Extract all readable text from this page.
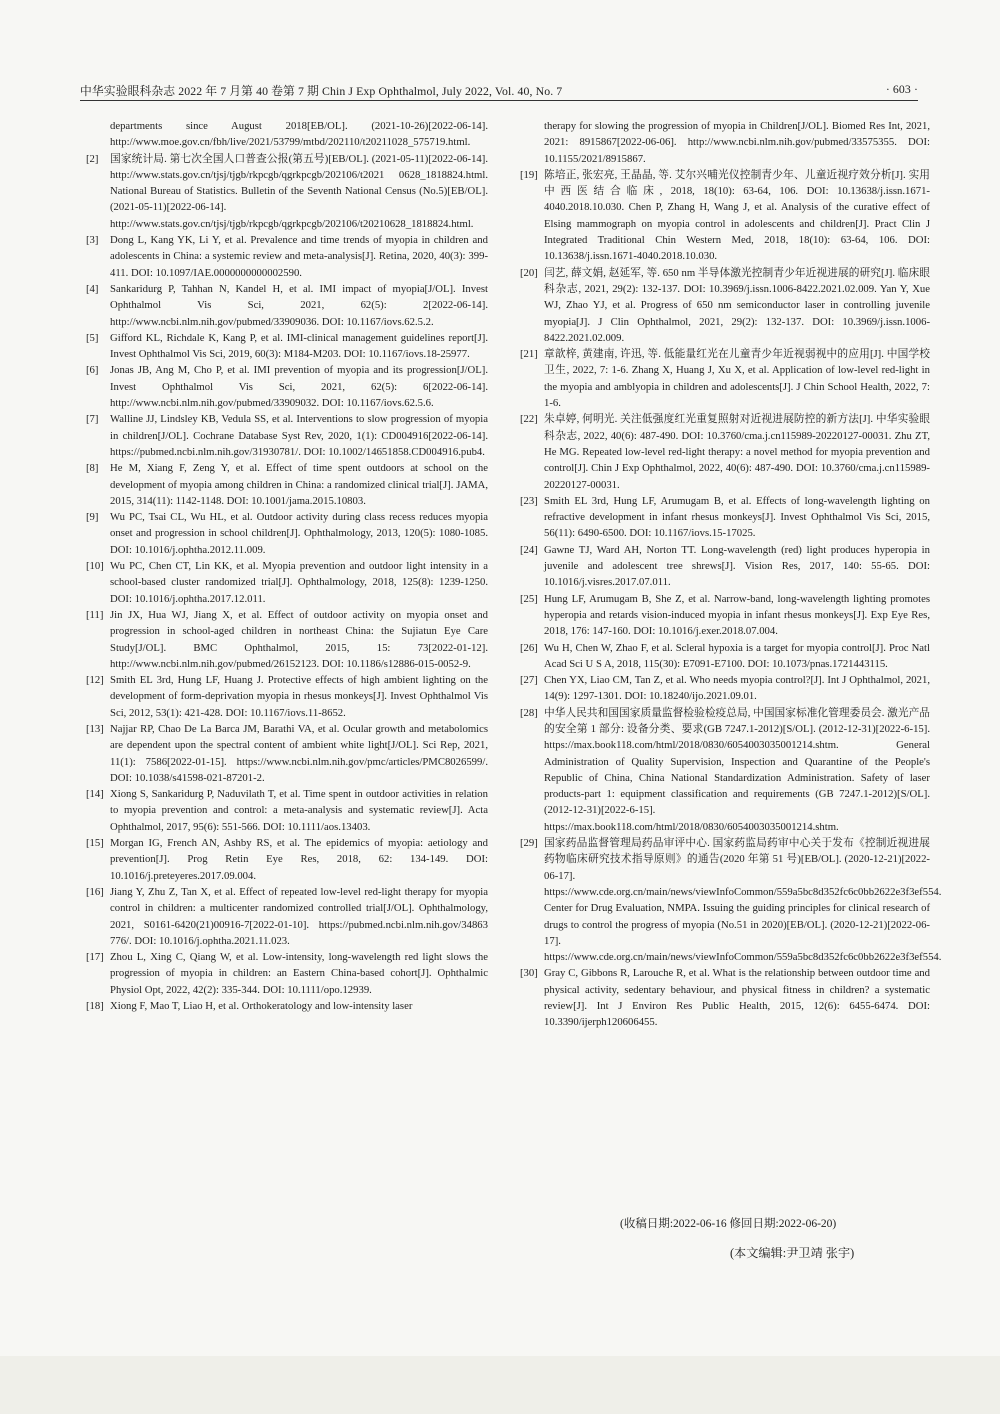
中华实验眼科杂志 2022 年 7 月第 40 卷第 7 期 Chin J Exp Ophthalmol, July 2022, Vol. 40, No. 7	· 603 ·
departments since August 2018[EB/OL]. (2021-10-26)[2022-06-14]. http://www.moe.gov.cn/fbh/live/2021/53799/mtbd/202110/t20211028_575719.html.
[2] 国家统计局. 第七次全国人口普查公报(第五号)[EB/OL]. (2021-05-11)[2022-06-14]. http://www.stats.gov.cn/tjsj/tjgb/rkpcgb/qgrkpcgb/202106/t2021 0628_1818824.html. National Bureau of Statistics. Bulletin of the Seventh National Census (No.5)[EB/OL]. (2021-05-11)[2022-06-14]. http://www.stats.gov.cn/tjsj/tjgb/rkpcgb/qgrkpcgb/202106/t20210628_1818824.html.
[3] Dong L, Kang YK, Li Y, et al. Prevalence and time trends of myopia in children and adolescents in China: a systemic review and meta-analysis[J]. Retina, 2020, 40(3): 399-411. DOI: 10.1097/IAE.0000000000002590.
[4] Sankaridurg P, Tahhan N, Kandel H, et al. IMI impact of myopia[J/OL]. Invest Ophthalmol Vis Sci, 2021, 62(5): 2[2022-06-14]. http://www.ncbi.nlm.nih.gov/pubmed/33909036. DOI: 10.1167/iovs.62.5.2.
[5] Gifford KL, Richdale K, Kang P, et al. IMI-clinical management guidelines report[J]. Invest Ophthalmol Vis Sci, 2019, 60(3): M184-M203. DOI: 10.1167/iovs.18-25977.
[6] Jonas JB, Ang M, Cho P, et al. IMI prevention of myopia and its progression[J/OL]. Invest Ophthalmol Vis Sci, 2021, 62(5): 6[2022-06-14]. http://www.ncbi.nlm.nih.gov/pubmed/33909032. DOI: 10.1167/iovs.62.5.6.
[7] Walline JJ, Lindsley KB, Vedula SS, et al. Interventions to slow progression of myopia in children[J/OL]. Cochrane Database Syst Rev, 2020, 1(1): CD004916[2022-06-14]. https://pubmed.ncbi.nlm.nih.gov/31930781/. DOI: 10.1002/14651858.CD004916.pub4.
[8] He M, Xiang F, Zeng Y, et al. Effect of time spent outdoors at school on the development of myopia among children in China: a randomized clinical trial[J]. JAMA, 2015, 314(11): 1142-1148. DOI: 10.1001/jama.2015.10803.
[9] Wu PC, Tsai CL, Wu HL, et al. Outdoor activity during class recess reduces myopia onset and progression in school children[J]. Ophthalmology, 2013, 120(5): 1080-1085. DOI: 10.1016/j.ophtha.2012.11.009.
[10] Wu PC, Chen CT, Lin KK, et al. Myopia prevention and outdoor light intensity in a school-based cluster randomized trial[J]. Ophthalmology, 2018, 125(8): 1239-1250. DOI: 10.1016/j.ophtha.2017.12.011.
[11] Jin JX, Hua WJ, Jiang X, et al. Effect of outdoor activity on myopia onset and progression in school-aged children in northeast China: the Sujiatun Eye Care Study[J/OL]. BMC Ophthalmol, 2015, 15: 73[2022-01-12]. http://www.ncbi.nlm.nih.gov/pubmed/26152123. DOI: 10.1186/s12886-015-0052-9.
[12] Smith EL 3rd, Hung LF, Huang J. Protective effects of high ambient lighting on the development of form-deprivation myopia in rhesus monkeys[J]. Invest Ophthalmol Vis Sci, 2012, 53(1): 421-428. DOI: 10.1167/iovs.11-8652.
[13] Najjar RP, Chao De La Barca JM, Barathi VA, et al. Ocular growth and metabolomics are dependent upon the spectral content of ambient white light[J/OL]. Sci Rep, 2021, 11(1): 7586[2022-01-15]. https://www.ncbi.nlm.nih.gov/pmc/articles/PMC8026599/. DOI: 10.1038/s41598-021-87201-2.
[14] Xiong S, Sankaridurg P, Naduvilath T, et al. Time spent in outdoor activities in relation to myopia prevention and control: a meta-analysis and systematic review[J]. Acta Ophthalmol, 2017, 95(6): 551-566. DOI: 10.1111/aos.13403.
[15] Morgan IG, French AN, Ashby RS, et al. The epidemics of myopia: aetiology and prevention[J]. Prog Retin Eye Res, 2018, 62: 134-149. DOI: 10.1016/j.preteyeres.2017.09.004.
[16] Jiang Y, Zhu Z, Tan X, et al. Effect of repeated low-level red-light therapy for myopia control in children: a multicenter randomized controlled trial[J/OL]. Ophthalmology, 2021, S0161-6420(21)00916-7[2022-01-10]. https://pubmed.ncbi.nlm.nih.gov/34863 776/. DOI: 10.1016/j.ophtha.2021.11.023.
[17] Zhou L, Xing C, Qiang W, et al. Low-intensity, long-wavelength red light slows the progression of myopia in children: an Eastern China-based cohort[J]. Ophthalmic Physiol Opt, 2022, 42(2): 335-344. DOI: 10.1111/opo.12939.
[18] Xiong F, Mao T, Liao H, et al. Orthokeratology and low-intensity laser
therapy for slowing the progression of myopia in Children[J/OL]. Biomed Res Int, 2021, 2021: 8915867[2022-06-06]. http://www.ncbi.nlm.nih.gov/pubmed/33575355. DOI: 10.1155/2021/8915867.
[19] 陈培正, 张宏亮, 王晶晶, 等. 艾尔兴哺光仪控制青少年、儿童近视疗效分析[J]. 实用中西医结合临床, 2018, 18(10): 63-64, 106. DOI: 10.13638/j.issn.1671-4040.2018.10.030. Chen P, Zhang H, Wang J, et al. Analysis of the curative effect of Elsing mammograph on myopia control in adolescents and children[J]. Pract Clin J Integrated Traditional Chin Western Med, 2018, 18(10): 63-64, 106. DOI: 10.13638/j.issn.1671-4040.2018.10.030.
[20] 闫艺, 薛文娟, 赵延军, 等. 650 nm 半导体激光控制青少年近视进展的研究[J]. 临床眼科杂志, 2021, 29(2): 132-137. DOI: 10.3969/j.issn.1006-8422.2021.02.009. Yan Y, Xue WJ, Zhao YJ, et al. Progress of 650 nm semiconductor laser in controlling juvenile myopia[J]. J Clin Ophthalmol, 2021, 29(2): 132-137. DOI: 10.3969/j.issn.1006-8422.2021.02.009.
[21] 章歆梓, 黄建南, 许迅, 等. 低能量红光在儿童青少年近视弱视中的应用[J]. 中国学校卫生, 2022, 7: 1-6. Zhang X, Huang J, Xu X, et al. Application of low-level red-light in the myopia and amblyopia in children and adolescents[J]. J Chin School Health, 2022, 7: 1-6.
[22] 朱卓婷, 何明光. 关注低强度红光重复照射对近视进展防控的新方法[J]. 中华实验眼科杂志, 2022, 40(6): 487-490. DOI: 10.3760/cma.j.cn115989-20220127-00031. Zhu ZT, He MG. Repeated low-level red-light therapy: a novel method for myopia prevention and control[J]. Chin J Exp Ophthalmol, 2022, 40(6): 487-490. DOI: 10.3760/cma.j.cn115989-20220127-00031.
[23] Smith EL 3rd, Hung LF, Arumugam B, et al. Effects of long-wavelength lighting on refractive development in infant rhesus monkeys[J]. Invest Ophthalmol Vis Sci, 2015, 56(11): 6490-6500. DOI: 10.1167/iovs.15-17025.
[24] Gawne TJ, Ward AH, Norton TT. Long-wavelength (red) light produces hyperopia in juvenile and adolescent tree shrews[J]. Vision Res, 2017, 140: 55-65. DOI: 10.1016/j.visres.2017.07.011.
[25] Hung LF, Arumugam B, She Z, et al. Narrow-band, long-wavelength lighting promotes hyperopia and retards vision-induced myopia in infant rhesus monkeys[J]. Exp Eye Res, 2018, 176: 147-160. DOI: 10.1016/j.exer.2018.07.004.
[26] Wu H, Chen W, Zhao F, et al. Scleral hypoxia is a target for myopia control[J]. Proc Natl Acad Sci U S A, 2018, 115(30): E7091-E7100. DOI: 10.1073/pnas.1721443115.
[27] Chen YX, Liao CM, Tan Z, et al. Who needs myopia control?[J]. Int J Ophthalmol, 2021, 14(9): 1297-1301. DOI: 10.18240/ijo.2021.09.01.
[28] 中华人民共和国国家质量监督检验检疫总局, 中国国家标准化管理委员会. 激光产品的安全第 1 部分: 设备分类、要求(GB 7247.1-2012)[S/OL]. (2012-12-31)[2022-6-15]. https://max.book118.com/html/2018/0830/6054003035001214.shtm. General Administration of Quality Supervision, Inspection and Quarantine of the People's Republic of China, China National Standardization Administration. Safety of laser products-part 1: equipment classification and requirements (GB 7247.1-2012)[S/OL]. (2012-12-31)[2022-6-15]. https://max.book118.com/html/2018/0830/6054003035001214.shtm.
[29] 国家药品监督管理局药品审评中心. 国家药监局药审中心关于发布《控制近视进展药物临床研究技术指导原则》的通告(2020 年第 51 号)[EB/OL]. (2020-12-21)[2022-06-17]. https://www.cde.org.cn/main/news/viewInfoCommon/559a5bc8d352fc6c0bb2622e3f3ef554. Center for Drug Evaluation, NMPA. Issuing the guiding principles for clinical research of drugs to control the progress of myopia (No.51 in 2020)[EB/OL]. (2020-12-21)[2022-06-17]. https://www.cde.org.cn/main/news/viewInfoCommon/559a5bc8d352fc6c0bb2622e3f3ef554.
[30] Gray C, Gibbons R, Larouche R, et al. What is the relationship between outdoor time and physical activity, sedentary behaviour, and physical fitness in children? a systematic review[J]. Int J Environ Res Public Health, 2015, 12(6): 6455-6474. DOI: 10.3390/ijerph120606455.
(收稿日期:2022-06-16 修回日期:2022-06-20)
(本文编辑:尹卫靖 张宇)
